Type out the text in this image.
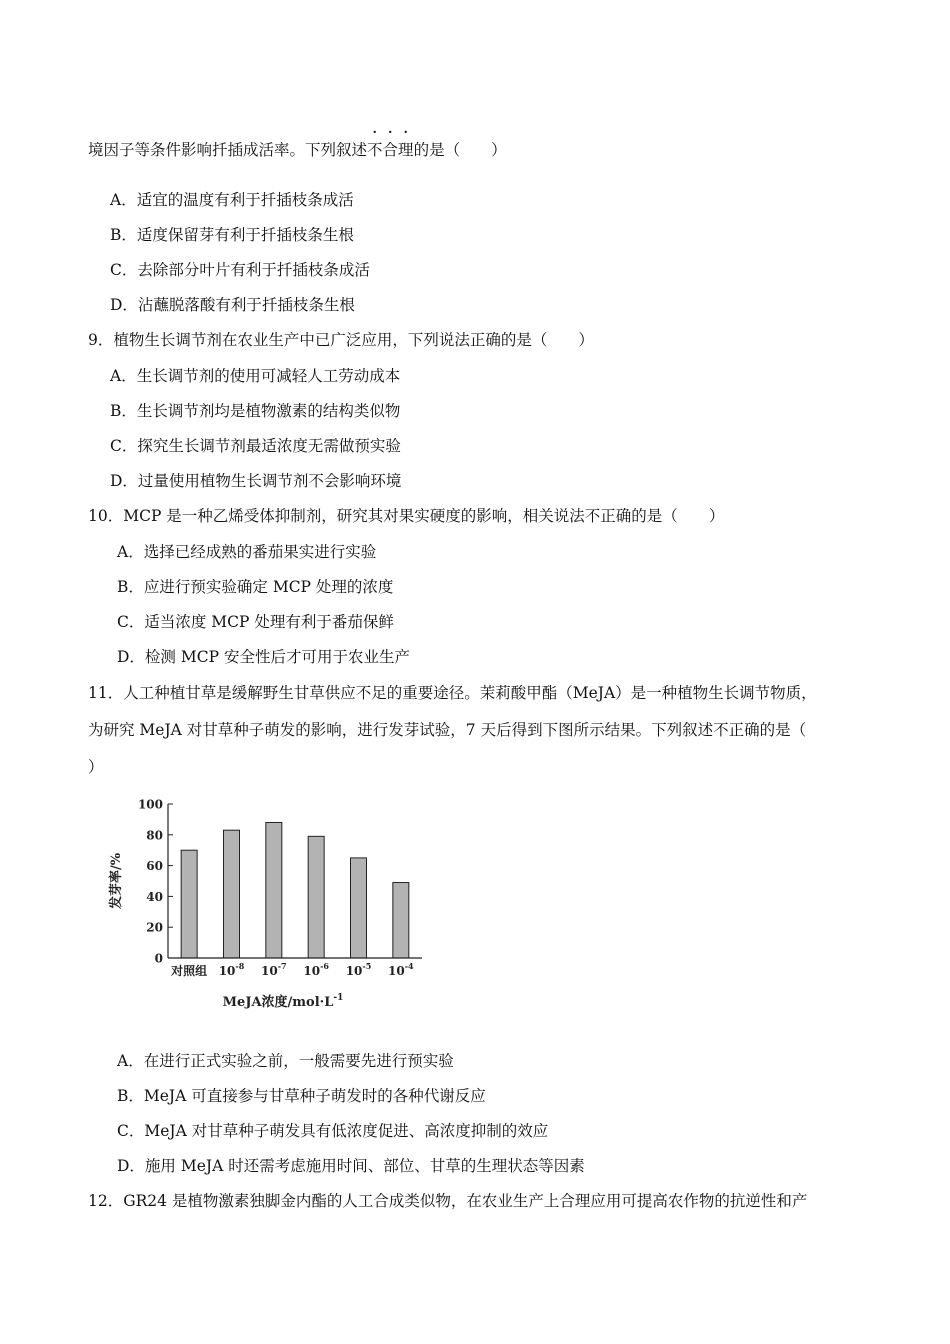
境因子等条件影响扦插成活率。下列叙述不合理的是（　　）
A．适宜的温度有利于扦插枝条成活
B．适度保留芽有利于扦插枝条生根
C．去除部分叶片有利于扦插枝条成活
D．沾蘸脱落酸有利于扦插枝条生根
9．植物生长调节剂在农业生产中已广泛应用，下列说法正确的是（　　）
A．生长调节剂的使用可减轻人工劳动成本
B．生长调节剂均是植物激素的结构类似物
C．探究生长调节剂最适浓度无需做预实验
D．过量使用植物生长调节剂不会影响环境
10．MCP 是一种乙烯受体抑制剂，研究其对果实硬度的影响，相关说法不正确的是（　　）
A．选择已经成熟的番茄果实进行实验
B．应进行预实验确定 MCP 处理的浓度
C．适当浓度 MCP 处理有利于番茄保鲜
D．检测 MCP 安全性后才可用于农业生产
11．人工种植甘草是缓解野生甘草供应不足的重要途径。茉莉酸甲酯（MeJA）是一种植物生长调节物质，
为研究 MeJA 对甘草种子萌发的影响，进行发芽试验，7 天后得到下图所示结果。下列叙述不正确的是（
）
0
20
40
60
80
100
对照组 $10^{-8}$ $10^{-7}$ $10^{-6}$ $10^{-5}$ $10^{-4}$
发芽率/%
MeJA浓度$/mol\cdot L^{-1}$
A．在进行正式实验之前，一般需要先进行预实验
B．MeJA 可直接参与甘草种子萌发时的各种代谢反应
C．MeJA 对甘草种子萌发具有低浓度促进、高浓度抑制的效应
D．施用 MeJA 时还需考虑施用时间、部位、甘草的生理状态等因素
12．GR24 是植物激素独脚金内酯的人工合成类似物，在农业生产上合理应用可提高农作物的抗逆性和产
